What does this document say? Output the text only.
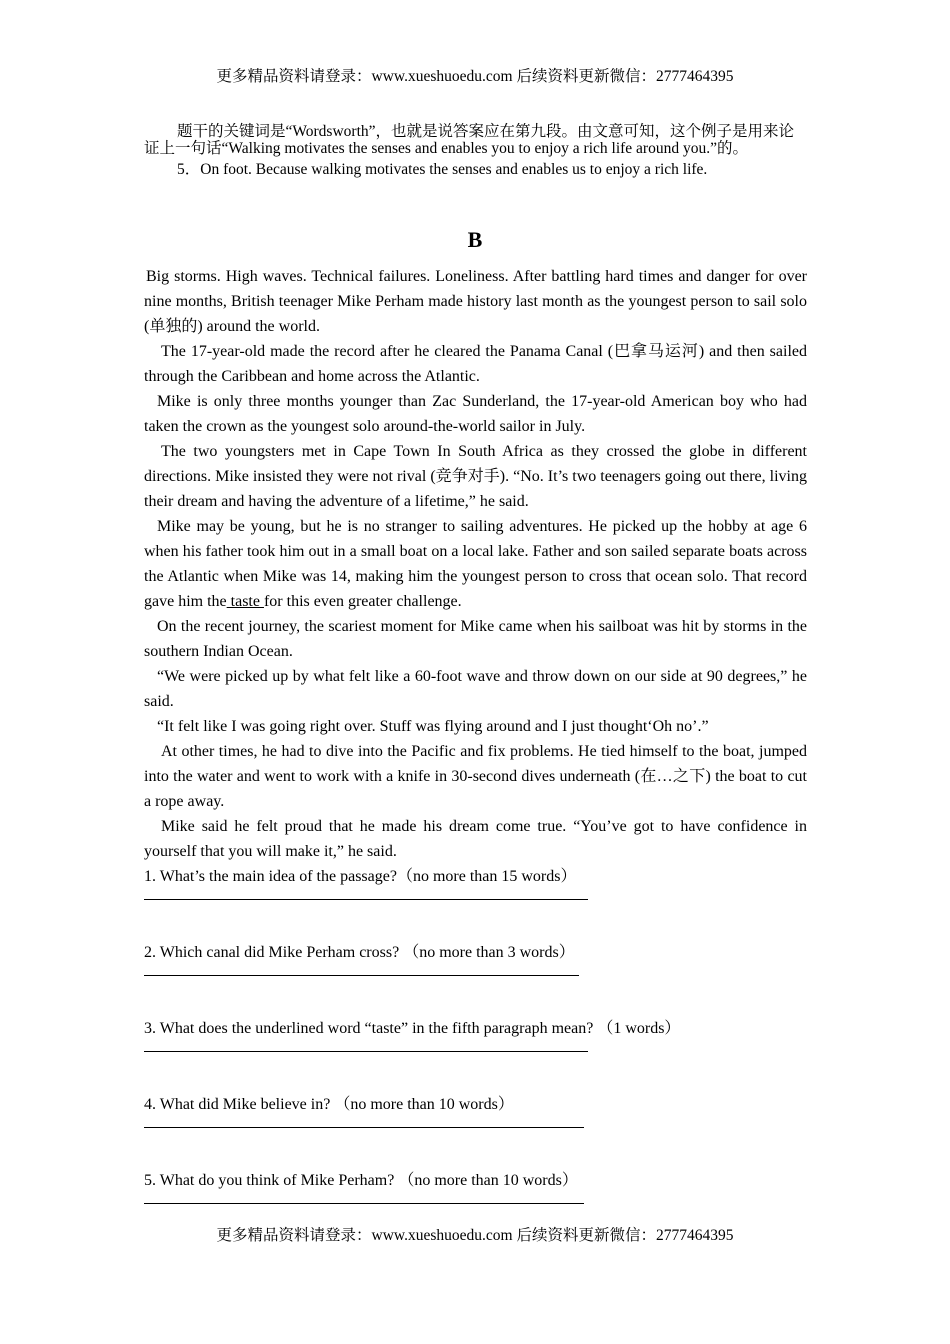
更多精品资料请登录：www.xueshuoedu.com 后续资料更新微信：2777464395

题干的关键词是“Wordsworth”，也就是说答案应在第九段。由文意可知，这个例子是用来论证上一句话“Walking motivates the senses and enables you to enjoy a rich life around you.”的。

5．On foot. Because walking motivates the senses and enables us to enjoy a rich life.

B

Big storms. High waves. Technical failures. Loneliness. After battling hard times and danger for over nine months, British teenager Mike Perham made history last month as the youngest person to sail solo (单独的) around the world.

The 17-year-old made the record after he cleared the Panama Canal (巴拿马运河) and then sailed through the Caribbean and home across the Atlantic.

Mike is only three months younger than Zac Sunderland, the 17-year-old American boy who had taken the crown as the youngest solo around-the-world sailor in July.

The two youngsters met in Cape Town In South Africa as they crossed the globe in different directions. Mike insisted they were not rival (竞争对手). “No. It’s two teenagers going out there, living their dream and having the adventure of a lifetime,” he said.

Mike may be young, but he is no stranger to sailing adventures. He picked up the hobby at age 6 when his father took him out in a small boat on a local lake. Father and son sailed separate boats across the Atlantic when Mike was 14, making him the youngest person to cross that ocean solo. That record gave him the taste for this even greater challenge.

On the recent journey, the scariest moment for Mike came when his sailboat was hit by storms in the southern Indian Ocean.

“We were picked up by what felt like a 60-foot wave and throw down on our side at 90 degrees,” he said.

“It felt like I was going right over. Stuff was flying around and I just thought‘Oh no’.”

At other times, he had to dive into the Pacific and fix problems. He tied himself to the boat, jumped into the water and went to work with a knife in 30-second dives underneath (在…之下) the boat to cut a rope away.

Mike said he felt proud that he made his dream come true. “You’ve got to have confidence in yourself that you will make it,” he said.

1. What’s the main idea of the passage?（no more than 15 words）

2. Which canal did Mike Perham cross? （no more than 3 words）

3. What does the underlined word “taste” in the fifth paragraph mean? （1 words）

4. What did Mike believe in? （no more than 10 words）

5. What do you think of Mike Perham? （no more than 10 words）

更多精品资料请登录：www.xueshuoedu.com 后续资料更新微信：2777464395
